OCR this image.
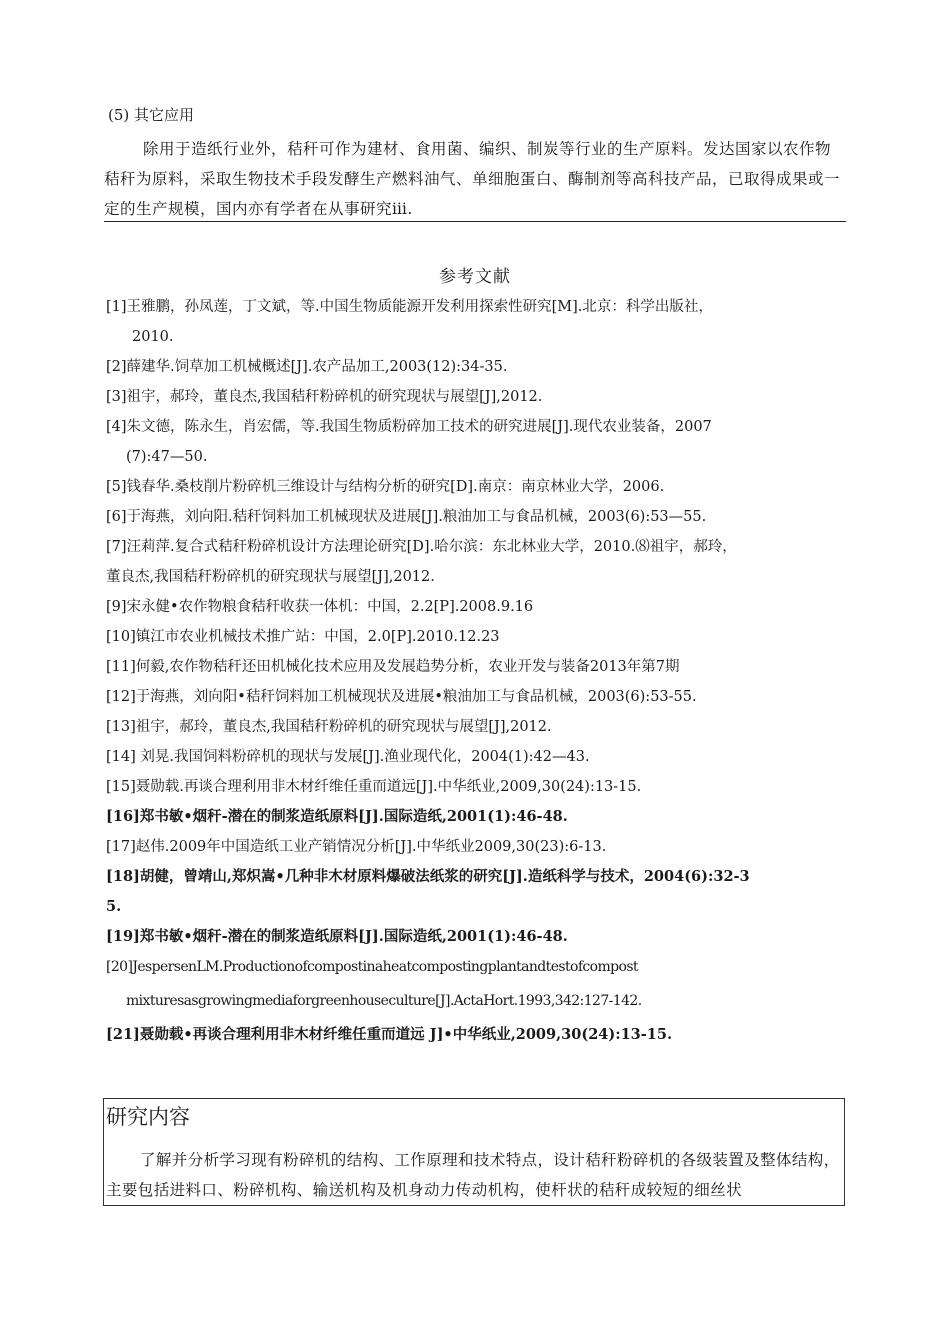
(5) 其它应用
除用于造纸行业外，秸秆可作为建材、食用菌、编织、制炭等行业的生产原料。发达国家以农作物秸秆为原料，采取生物技术手段发酵生产燃料油气、单细胞蛋白、酶制剂等高科技产品，已取得成果或一定的生产规模，国内亦有学者在从事研究ⅲ.
参考文献
[1]王雅鹏，孙凤莲，丁文斌，等.中国生物质能源开发利用探索性研究[M].北京：科学出版社，
2010.
[2]薛建华.饲草加工机械概述[J].农产品加工,2003(12):34-35.
[3]祖宇，郝玲，董良杰,我国秸秆粉碎机的研究现状与展望[J],2012.
[4]朱文德，陈永生，肖宏儒，等.我国生物质粉碎加工技术的研究进展[J].现代农业装备，2007
(7):47—50.
[5]钱春华.桑枝削片粉碎机三维设计与结构分析的研究[D].南京：南京林业大学，2006.
[6]于海燕，刘向阳.秸秆饲料加工机械现状及进展[J].粮油加工与食品机械，2003(6):53—55.
[7]汪莉萍.复合式秸秆粉碎机设计方法理论研究[D].哈尔滨：东北林业大学，2010.⑻祖宇，郝玲，
董良杰,我国秸秆粉碎机的研究现状与展望[J],2012.
[9]宋永健•农作物粮食秸秆收获一体机：中国，2.2[P].2008.9.16
[10]镇江市农业机械技术推广站：中国，2.0[P].2010.12.23
[11]何毅,农作物秸秆还田机械化技术应用及发展趋势分析，农业开发与装备2013年第7期
[12]于海燕，刘向阳•秸秆饲料加工机械现状及进展•粮油加工与食品机械，2003(6):53-55.
[13]祖宇，郝玲，董良杰,我国秸秆粉碎机的研究现状与展望[J],2012.
[14] 刘晃.我国饲料粉碎机的现状与发展[J].渔业现代化，2004(1):42—43.
[15]聂勋载.再谈合理利用非木材纤维任重而道远[J].中华纸业,2009,30(24):13-15.
[16]郑书敏•烟秆-潜在的制浆造纸原料[J].国际造纸,2001(1):46-48.
[17]赵伟.2009年中国造纸工业产销情况分析[J].中华纸业2009,30(23):6-13.
[18]胡健，曾靖山,郑炽嵩•几种非木材原料爆破法纸浆的研究[J].造纸科学与技术，2004(6):32-3
5.
[19]郑书敏•烟秆-潜在的制浆造纸原料[J].国际造纸,2001(1):46-48.
[20]JespersenLM.Productionofcompostinaheatcompostingplantandtestofcompost
mixturesasgrowingmediaforgreenhouseculture[J].ActaHort.1993,342:127-142.
[21]聂勋载•再谈合理利用非木材纤维任重而道远 J]•中华纸业,2009,30(24):13-15.
研究内容
了解并分析学习现有粉碎机的结构、工作原理和技术特点，设计秸秆粉碎机的各级装置及整体结构，主要包括进料口、粉碎机构、输送机构及机身动力传动机构，使杆状的秸秆成较短的细丝状
